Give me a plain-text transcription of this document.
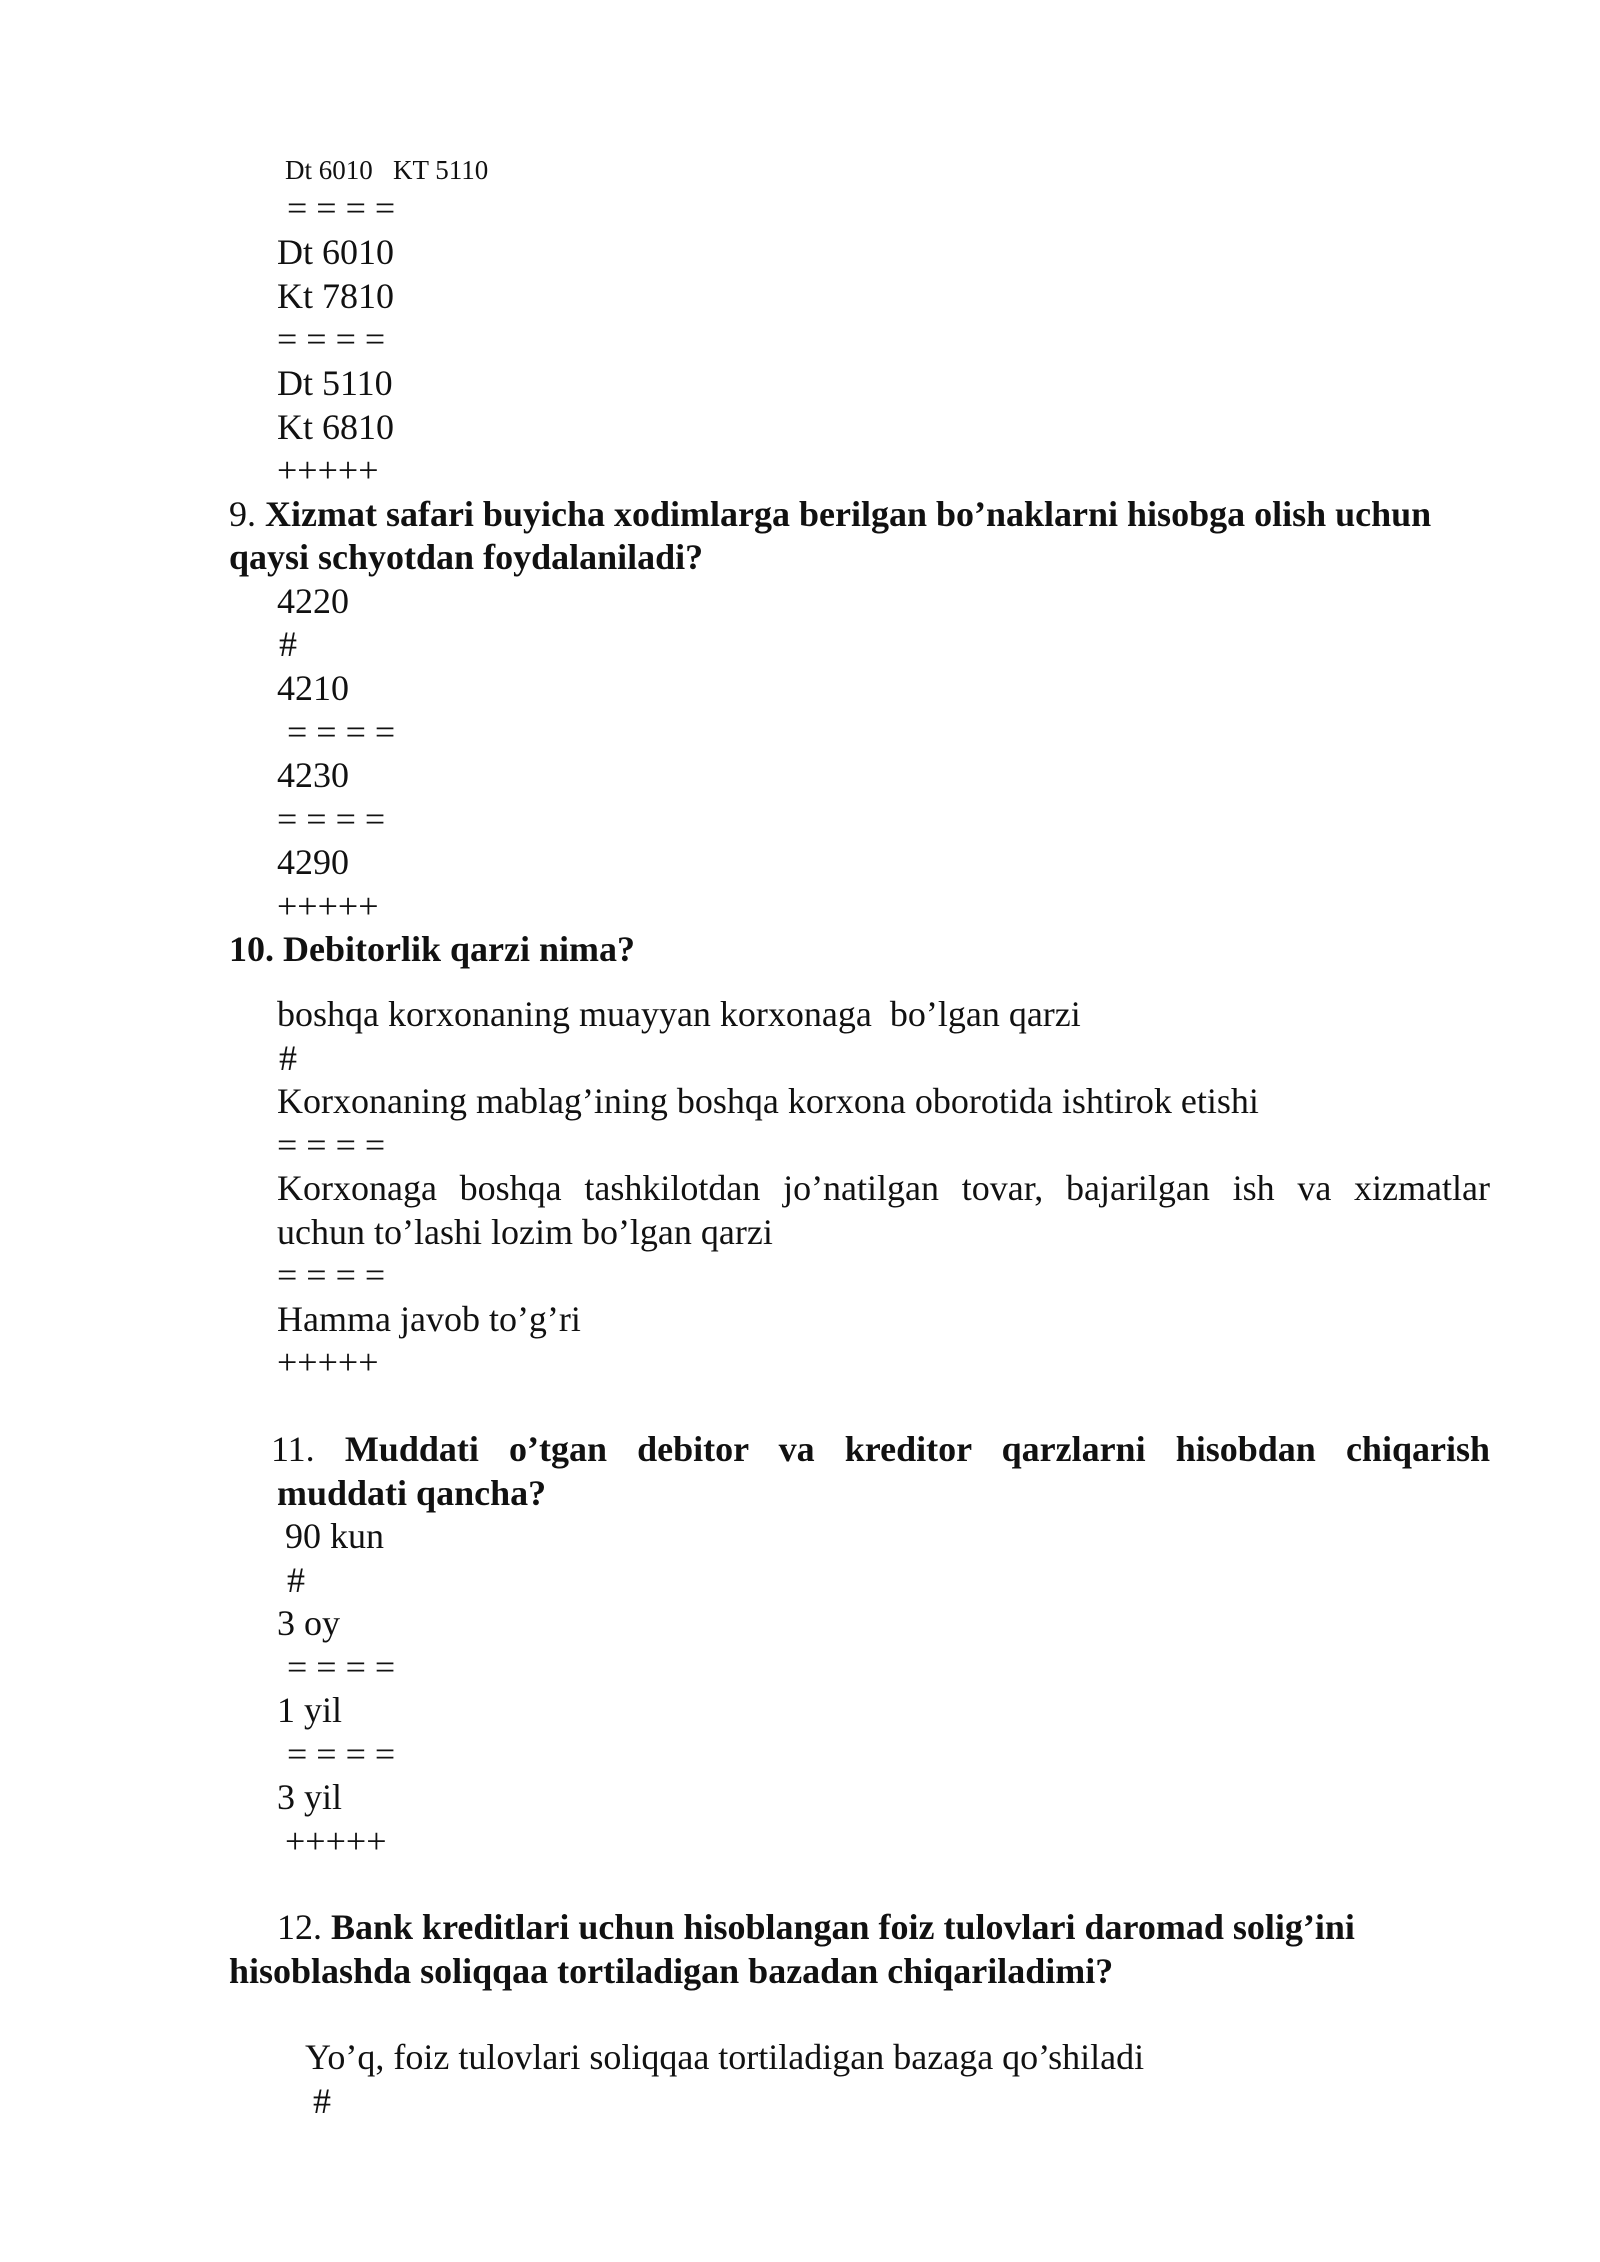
Dt 6010   KT 5110
= = = =
Dt 6010
Kt 7810
= = = =
Dt 5110
Kt 6810
+++++
9. Xizmat safari buyicha xodimlarga berilgan bo’naklarni hisobga olish uchun
qaysi schyotdan foydalaniladi?
4220
#
4210
= = = =
4230
= = = =
4290
+++++
10. Debitorlik qarzi nima?
boshqa korxonaning muayyan korxonaga  bo’lgan qarzi
#
Korxonaning mablag’ining boshqa korxona oborotida ishtirok etishi
= = = =
Korxonaga boshqa tashkilotdan jo’natilgan tovar, bajarilgan ish va xizmatlar
uchun to’lashi lozim bo’lgan qarzi
= = = =
Hamma javob to’g’ri
+++++
11. Muddati o’tgan debitor va kreditor qarzlarni hisobdan chiqarish
muddati qancha?
90 kun
#
3 oy
= = = =
1 yil
= = = =
3 yil
+++++
12. Bank kreditlari uchun hisoblangan foiz tulovlari daromad solig’ini
hisoblashda soliqqaa tortiladigan bazadan chiqariladimi?
Yo’q, foiz tulovlari soliqqaa tortiladigan bazaga qo’shiladi
#
